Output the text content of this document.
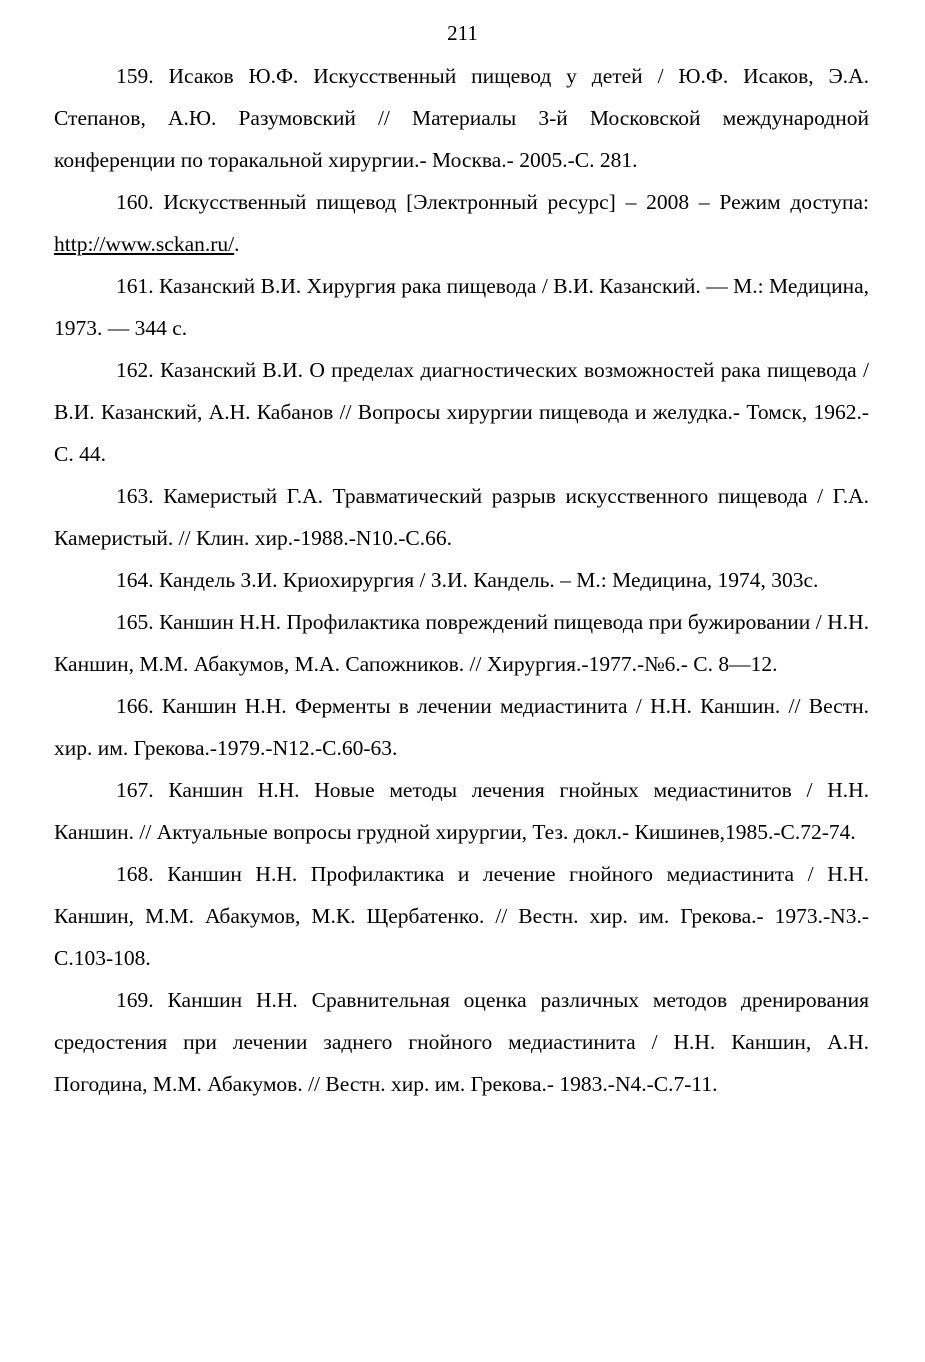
211

159. Исаков Ю.Ф. Искусственный пищевод у детей / Ю.Ф. Исаков, Э.А. Степанов, А.Ю. Разумовский // Материалы 3-й Московской международной конференции по торакальной хирургии.- Москва.- 2005.-С. 281.

160. Искусственный пищевод [Электронный ресурс] – 2008 – Режим доступа: http://www.sckan.ru/.

161. Казанский В.И. Хирургия рака пищевода / В.И. Казанский. — М.: Медицина, 1973. — 344 с.

162. Казанский В.И. О пределах диагностических возможностей рака пищевода / В.И. Казанский, А.Н. Кабанов // Вопросы хирургии пищевода и желудка.- Томск, 1962.- С. 44.

163. Камеристый Г.А. Травматический разрыв искусственного пищевода / Г.А. Камеристый. // Клин. хир.-1988.-N10.-С.66.

164. Кандель З.И. Криохирургия / З.И. Кандель. – М.: Медицина, 1974, 303с.

165. Каншин Н.Н. Профилактика повреждений пищевода при бужировании / Н.Н. Каншин, М.М. Абакумов, М.А. Сапожников. // Хирургия.-1977.-№6.- С. 8—12.

166. Каншин Н.Н. Ферменты в лечении медиастинита / Н.Н. Каншин. // Вестн. хир. им. Грекова.-1979.-N12.-С.60-63.

167. Каншин Н.Н. Новые методы лечения гнойных медиастинитов / Н.Н. Каншин. // Актуальные вопросы грудной хирургии, Тез. докл.- Кишинев,1985.-С.72-74.

168. Каншин Н.Н. Профилактика и лечение гнойного медиастинита / Н.Н. Каншин, М.М. Абакумов, М.К. Щербатенко. // Вестн. хир. им. Грекова.- 1973.-N3.-С.103-108.

169. Каншин Н.Н. Сравнительная оценка различных методов дренирования средостения при лечении заднего гнойного медиастинита / Н.Н. Каншин, А.Н. Погодина, М.М. Абакумов. // Вестн. хир. им. Грекова.- 1983.-N4.-С.7-11.
